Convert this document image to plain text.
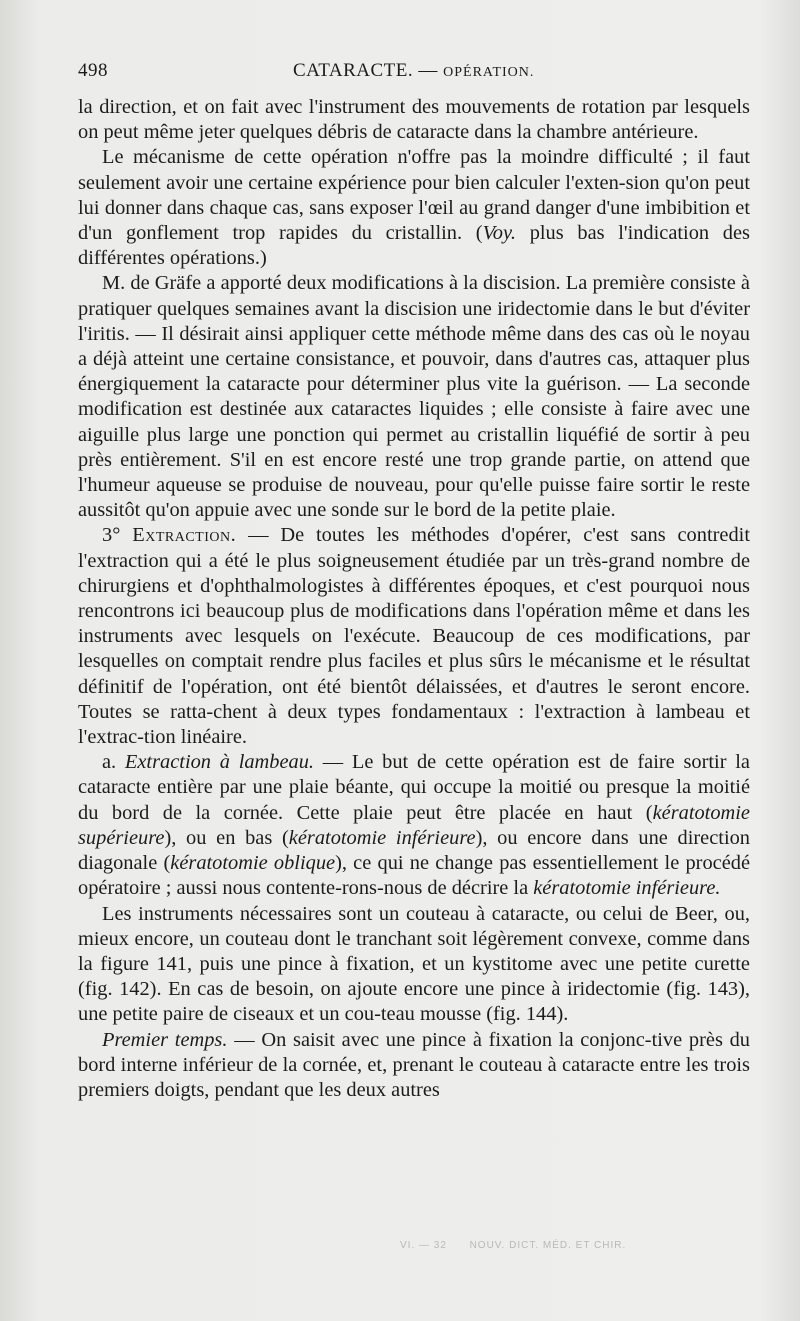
498	CATARACTE. — OPÉRATION.

la direction, et on fait avec l'instrument des mouvements de rotation par lesquels on peut même jeter quelques débris de cataracte dans la chambre antérieure.

Le mécanisme de cette opération n'offre pas la moindre difficulté ; il faut seulement avoir une certaine expérience pour bien calculer l'exten-sion qu'on peut lui donner dans chaque cas, sans exposer l'œil au grand danger d'une imbibition et d'un gonflement trop rapides du cristallin. (Voy. plus bas l'indication des différentes opérations.)

M. de Gräfe a apporté deux modifications à la discision. La première consiste à pratiquer quelques semaines avant la discision une iridectomie dans le but d'éviter l'iritis. — Il désirait ainsi appliquer cette méthode même dans des cas où le noyau a déjà atteint une certaine consistance, et pouvoir, dans d'autres cas, attaquer plus énergiquement la cataracte pour déterminer plus vite la guérison. — La seconde modification est destinée aux cataractes liquides ; elle consiste à faire avec une aiguille plus large une ponction qui permet au cristallin liquéfié de sortir à peu près entièrement. S'il en est encore resté une trop grande partie, on attend que l'humeur aqueuse se produise de nouveau, pour qu'elle puisse faire sortir le reste aussitôt qu'on appuie avec une sonde sur le bord de la petite plaie.

3° Extraction. — De toutes les méthodes d'opérer, c'est sans contredit l'extraction qui a été le plus soigneusement étudiée par un très-grand nombre de chirurgiens et d'ophthalmologistes à différentes époques, et c'est pourquoi nous rencontrons ici beaucoup plus de modifications dans l'opération même et dans les instruments avec lesquels on l'exécute. Beaucoup de ces modifications, par lesquelles on comptait rendre plus faciles et plus sûrs le mécanisme et le résultat définitif de l'opération, ont été bientôt délaissées, et d'autres le seront encore. Toutes se ratta-chent à deux types fondamentaux : l'extraction à lambeau et l'extrac-tion linéaire.

a. Extraction à lambeau. — Le but de cette opération est de faire sortir la cataracte entière par une plaie béante, qui occupe la moitié ou presque la moitié du bord de la cornée. Cette plaie peut être placée en haut (kératotomie supérieure), ou en bas (kératotomie inférieure), ou encore dans une direction diagonale (kératotomie oblique), ce qui ne change pas essentiellement le procédé opératoire ; aussi nous contente-rons-nous de décrire la kératotomie inférieure.

Les instruments nécessaires sont un couteau à cataracte, ou celui de Beer, ou, mieux encore, un couteau dont le tranchant soit légèrement convexe, comme dans la figure 141, puis une pince à fixation, et un kystitome avec une petite curette (fig. 142). En cas de besoin, on ajoute encore une pince à iridectomie (fig. 143), une petite paire de ciseaux et un cou-teau mousse (fig. 144).

Premier temps. — On saisit avec une pince à fixation la conjonc-tive près du bord interne inférieur de la cornée, et, prenant le couteau à cataracte entre les trois premiers doigts, pendant que les deux autres

VI. — 32 NOUV. DICT. MÉD. ET CHIR.
